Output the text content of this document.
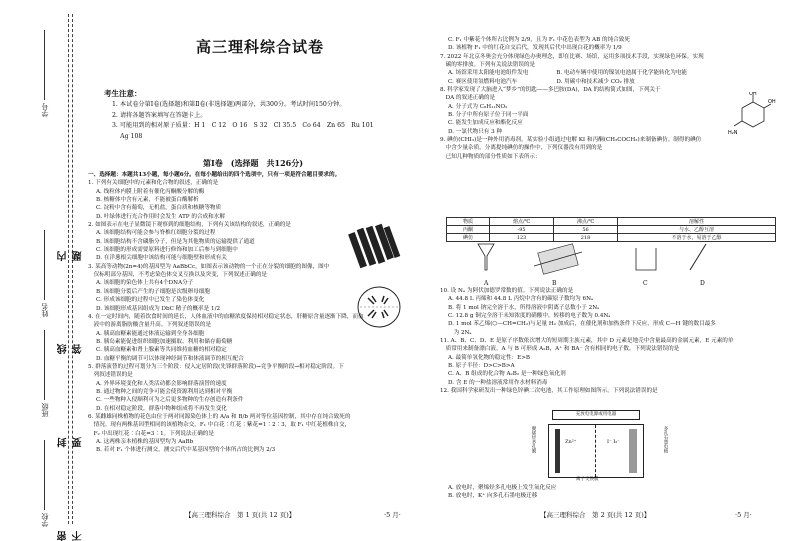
学号
姓名
班级
学校 密 封 线 内 不 要 答 题
高三理科综合试卷
考生注意：
1. 本试卷分第Ⅰ卷(选择题)和第Ⅱ卷(非选择题)两部分，共300分。考试时间150分钟。
2. 请将各题答案填写在答题卡上。
3. 可能用到的相对原子质量：H 1　C 12　O 16　S 32　Cl 35.5　Co 64　Zn 65　Ru 101
　 Ag 108
第Ⅰ卷　(选择题　共126分)
一、选择题：本题共13小题，每小题6分。在每小题给出的四个选项中，只有一项是符合题目要求的。
1. 下列有关细胞中的元素和化合物的叙述，正确的是
A. 线粒体内膜上附着有催化丙酮酸分解的酶
B. 核糖体中含有元素，不能被蛋白酶解析
C. 淀粉中含有葡萄，无机盐，蛋白质和核糖等物质
D. 叶绿体进行光合作用时会发生 ATP 的合成和水解
2. 如图表示在电子显微镜下观察到的细胞结构，下列有关该结构的叙述，正确的是
A. 该细胞结构可能会参与脊椎红细胞分裂的过程
B. 该细胞结构不含磷脂分子，但是为其他物质的运输提供了通道
C. 该细胞的形成需要原料进行修饰和加工后参与到细胞中
D. 在洋葱根尖细胞中该结构可能与细胞壁和形成有关
3. 某高等动物(2n=4)的基因型为 AaBbCc，如图表示该动物的一个正在分裂的细胞的图像，图中
　仅标明部分基因，不考虑染色体交叉互换以及突变，下列叙述正确的是
A. 该细胞的染色体上共有4个DNA分子
B. 该细胞分裂后产生的子细胞是次级卵母细胞
C. 形成该细胞的过程中已发生了染色体变化
D. 该细胞形成基因组成为 DbC 精子的概率是 1/2
4. 在一定时间内，随着饮食时间的延长，人体血液中的血糖浓度保持相对稳定状态，肝糖原含量逐渐下降，而血
　液中的游离脂肪酸含量升高。下列叙述错误的是
A. 胰高血糖素能通过体液运输到全身各细胞
B. 胰岛素能促进组织细胞加速摄取、利用和储存葡萄糖
C. 胰高血糖素和肾上腺素等共同维持血糖的相对稳定
D. 血糖平衡的调节可以体现神经调节和体液调节的相互配合
5. 群落演替的过程可划分为三个阶段：侵入定居阶段(先锋群落阶段)→竞争平衡阶段→相对稳定阶段。下
　列叙述错误的是
A. 外界环境变化和人类活动都会影响群落演替的速度
B. 通过物种之间的竞争可能会使资源利用达到相对平衡
C. 一些物种入侵顺利可为之后更多物种的生存创造有利条件
D. 在相对稳定阶段，群落中物种组成将不再发生变化
6. 某雌雄同株植物的花色由位于两对同源染色体上的 A/a 和 B/b 两对等位基因控制，其中存在纯合致死的
　情况。现有两株基因型相同的该植物杂交，F₁ 中白花∶红花∶紫花=1∶2∶3，取 F₁ 中红花植株自交，
　F₂ 中出现红花∶白花=3∶1。下列说法正确的是
A. 这两株亲本植株的基因型均为 AaBb
B. 若对 F₁ 个体进行测交，测交后代中某基因型的个体所占的比例为 2/3
C. F₁ 中紫花个体所占比例为 2/9，且为 F₁ 中花色表型为 AB 的纯合致死
D. 该植物 F₁ 中的红花自交后代，发现其后代中出现白花的概率为 1/9
7. 2022 年北京冬奥会充分体现绿色办奥理念，即在比赛、场馆，运用多项技术手段，实现绿色环保。实现
　碳的零排放。下列有关说法错误的是
A. 场馆采用太阳能电池组件发电　　　　　B. 电动车辆中使用的镍氢电池属于化学能转化为电能
C. 赛区使用氢燃料电池汽车　　　　　　　D. 用碳中和技术减少 CO₂ 排放
8. 科学家发现了大脑进入“梦乡”的钥匙——多巴胺(DA)，DA 的结构简式如图，下列关于
　DA 的叙述正确的是
A. 分子式为 C₈H₁₁NO₂
B. 分子中所有原子位于同一平面
C. 能发生加成反应和酯化反应
D. 一氯代物只有 3 种
9. 碘仿(CHI₃)是一种外用消毒剂。某实验小组通过电解 KI 和丙酮(CH₃COCH₃)来制备碘仿。制得的碘仿
　中含少量杂质，分离提纯碘仿的操作中，下列仪器没有用到的是
　已知几种物质的部分性质如下表所示：
OH
OH
H₂N
物质	熔点/℃	沸点/℃	溶解性
丙酮	-95	56	与水、乙醇互溶
碘仿	123	218	不溶于水，易溶于乙醇
A	B	C	D
10. 设 Nₐ 为阿伏加德罗常数的值。下列说法正确的是
A. 44.8 L 丙烯和 44.8 L 丙烷中含有的碳原子数均为 6Nₐ
B. 将 1 mol 钠完全溶于水，所得溶液中阴离子总数小于 2Nₐ
C. 12.8 g 铜完全溶于未知浓度的硝酸中，转移的电子数为 0.4Nₐ
D. 1 mol 苯乙烯(⬡—CH=CH₂)与足量 H₂ 加成后，在催化剂和加热条件下反应，形成 C—H 键的数目最多
　为 2Nₐ
11. A、B、C、D、E 是原子序数依次增大的短周期主族元素，其中 D 元素是地壳中含量最高的金属元素，E 元素的单
　质常用来制备漂白液。A 与 B 可形成 A₂B，A⁺ 和 BA⁻ 含有相同的电子数。下列说法错误的是
A. 最简单氢化物的稳定性：E>B
B. 原子半径：D>C>B>A
C. A、B 组成的化合物 A₂B₂ 是一种绿色氧化剂
D. 含 E 的一种盐溶液常用作水材料消毒
12. 我国科学家研发出一种绿色锌碘二次电池，其工作原理如图所示。下列说法错误的是
充放电电源或用电器
Zn²⁺	I⁻ I₃⁻
聚烯烃多孔膜	多孔石墨电极
离子交换膜
A. 放电时，聚烯烃多孔电极上发生氧化反应
B. 放电时，K⁺ 向多孔石墨电极迁移
【高三理科综合　第 1 页(共 12 页)】	·5 月·	【高三理科综合　第 2 页(共 12 页)】	·5 月·
